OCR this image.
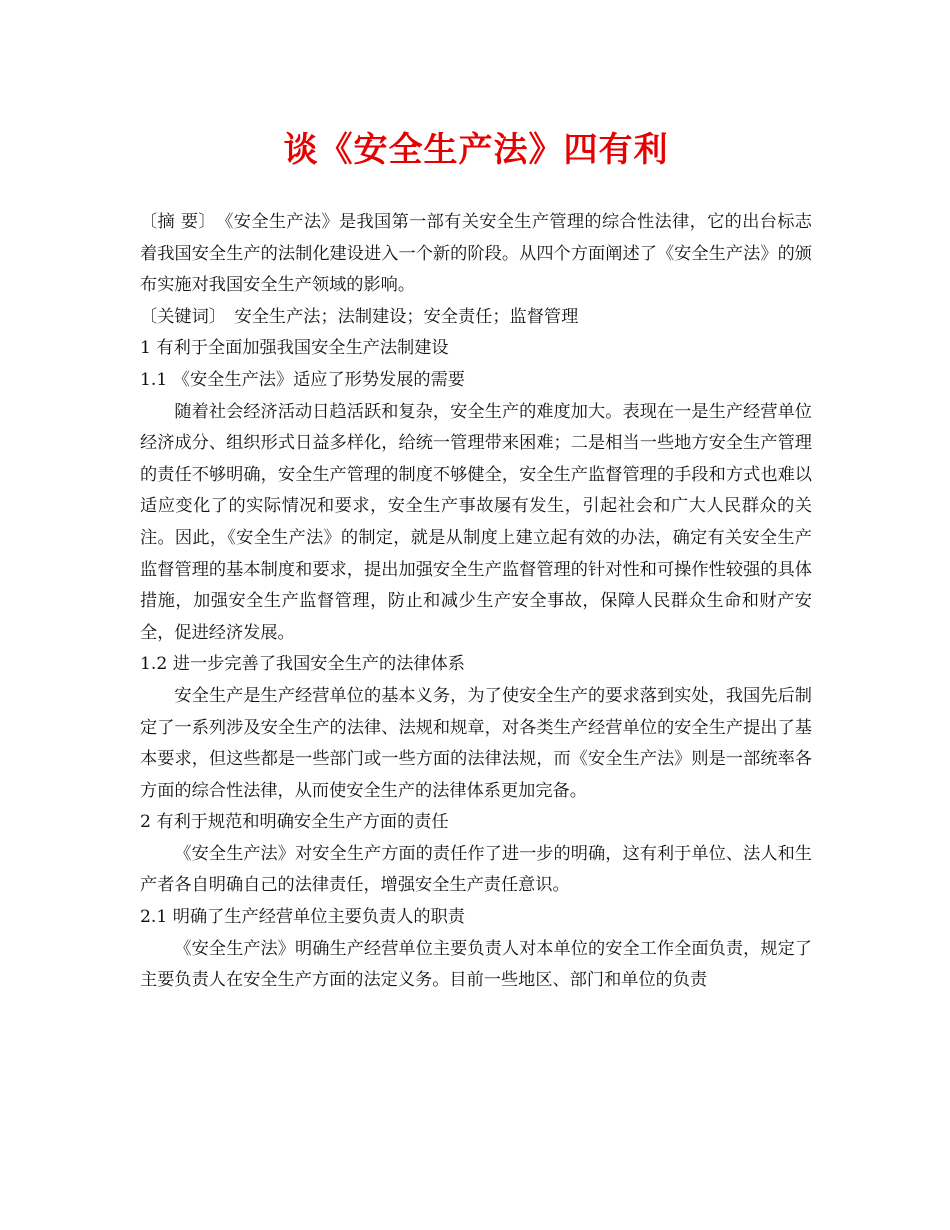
谈《安全生产法》四有利

〔摘 要〕　 《安全生产法》是我国第一部有关安全生产管理的综合性法律，它的出台标志着我国安全生产的法制化建设进入一个新的阶段。从四个方面阐述了《安全生产法》的颁布实施对我国安全生产领域的影响。

〔关键词〕　 安全生产法；法制建设；安全责任；监督管理

1 有利于全面加强我国安全生产法制建设

1.1 《安全生产法》适应了形势发展的需要

随着社会经济活动日趋活跃和复杂，安全生产的难度加大。表现在一是生产经营单位经济成分、组织形式日益多样化，给统一管理带来困难；二是相当一些地方安全生产管理的责任不够明确，安全生产管理的制度不够健全，安全生产监督管理的手段和方式也难以适应变化了的实际情况和要求，安全生产事故屡有发生，引起社会和广大人民群众的关注。因此，《安全生产法》的制定，就是从制度上建立起有效的办法，确定有关安全生产监督管理的基本制度和要求，提出加强安全生产监督管理的针对性和可操作性较强的具体措施，加强安全生产监督管理，防止和减少生产安全事故，保障人民群众生命和财产安全，促进经济发展。

1.2 进一步完善了我国安全生产的法律体系

安全生产是生产经营单位的基本义务，为了使安全生产的要求落到实处，我国先后制定了一系列涉及安全生产的法律、法规和规章，对各类生产经营单位的安全生产提出了基本要求，但这些都是一些部门或一些方面的法律法规，而《安全生产法》则是一部统率各方面的综合性法律，从而使安全生产的法律体系更加完备。

2 有利于规范和明确安全生产方面的责任

《安全生产法》对安全生产方面的责任作了进一步的明确，这有利于单位、法人和生产者各自明确自己的法律责任，增强安全生产责任意识。

2.1 明确了生产经营单位主要负责人的职责

《安全生产法》明确生产经营单位主要负责人对本单位的安全工作全面负责，规定了主要负责人在安全生产方面的法定义务。目前一些地区、部门和单位的负责
